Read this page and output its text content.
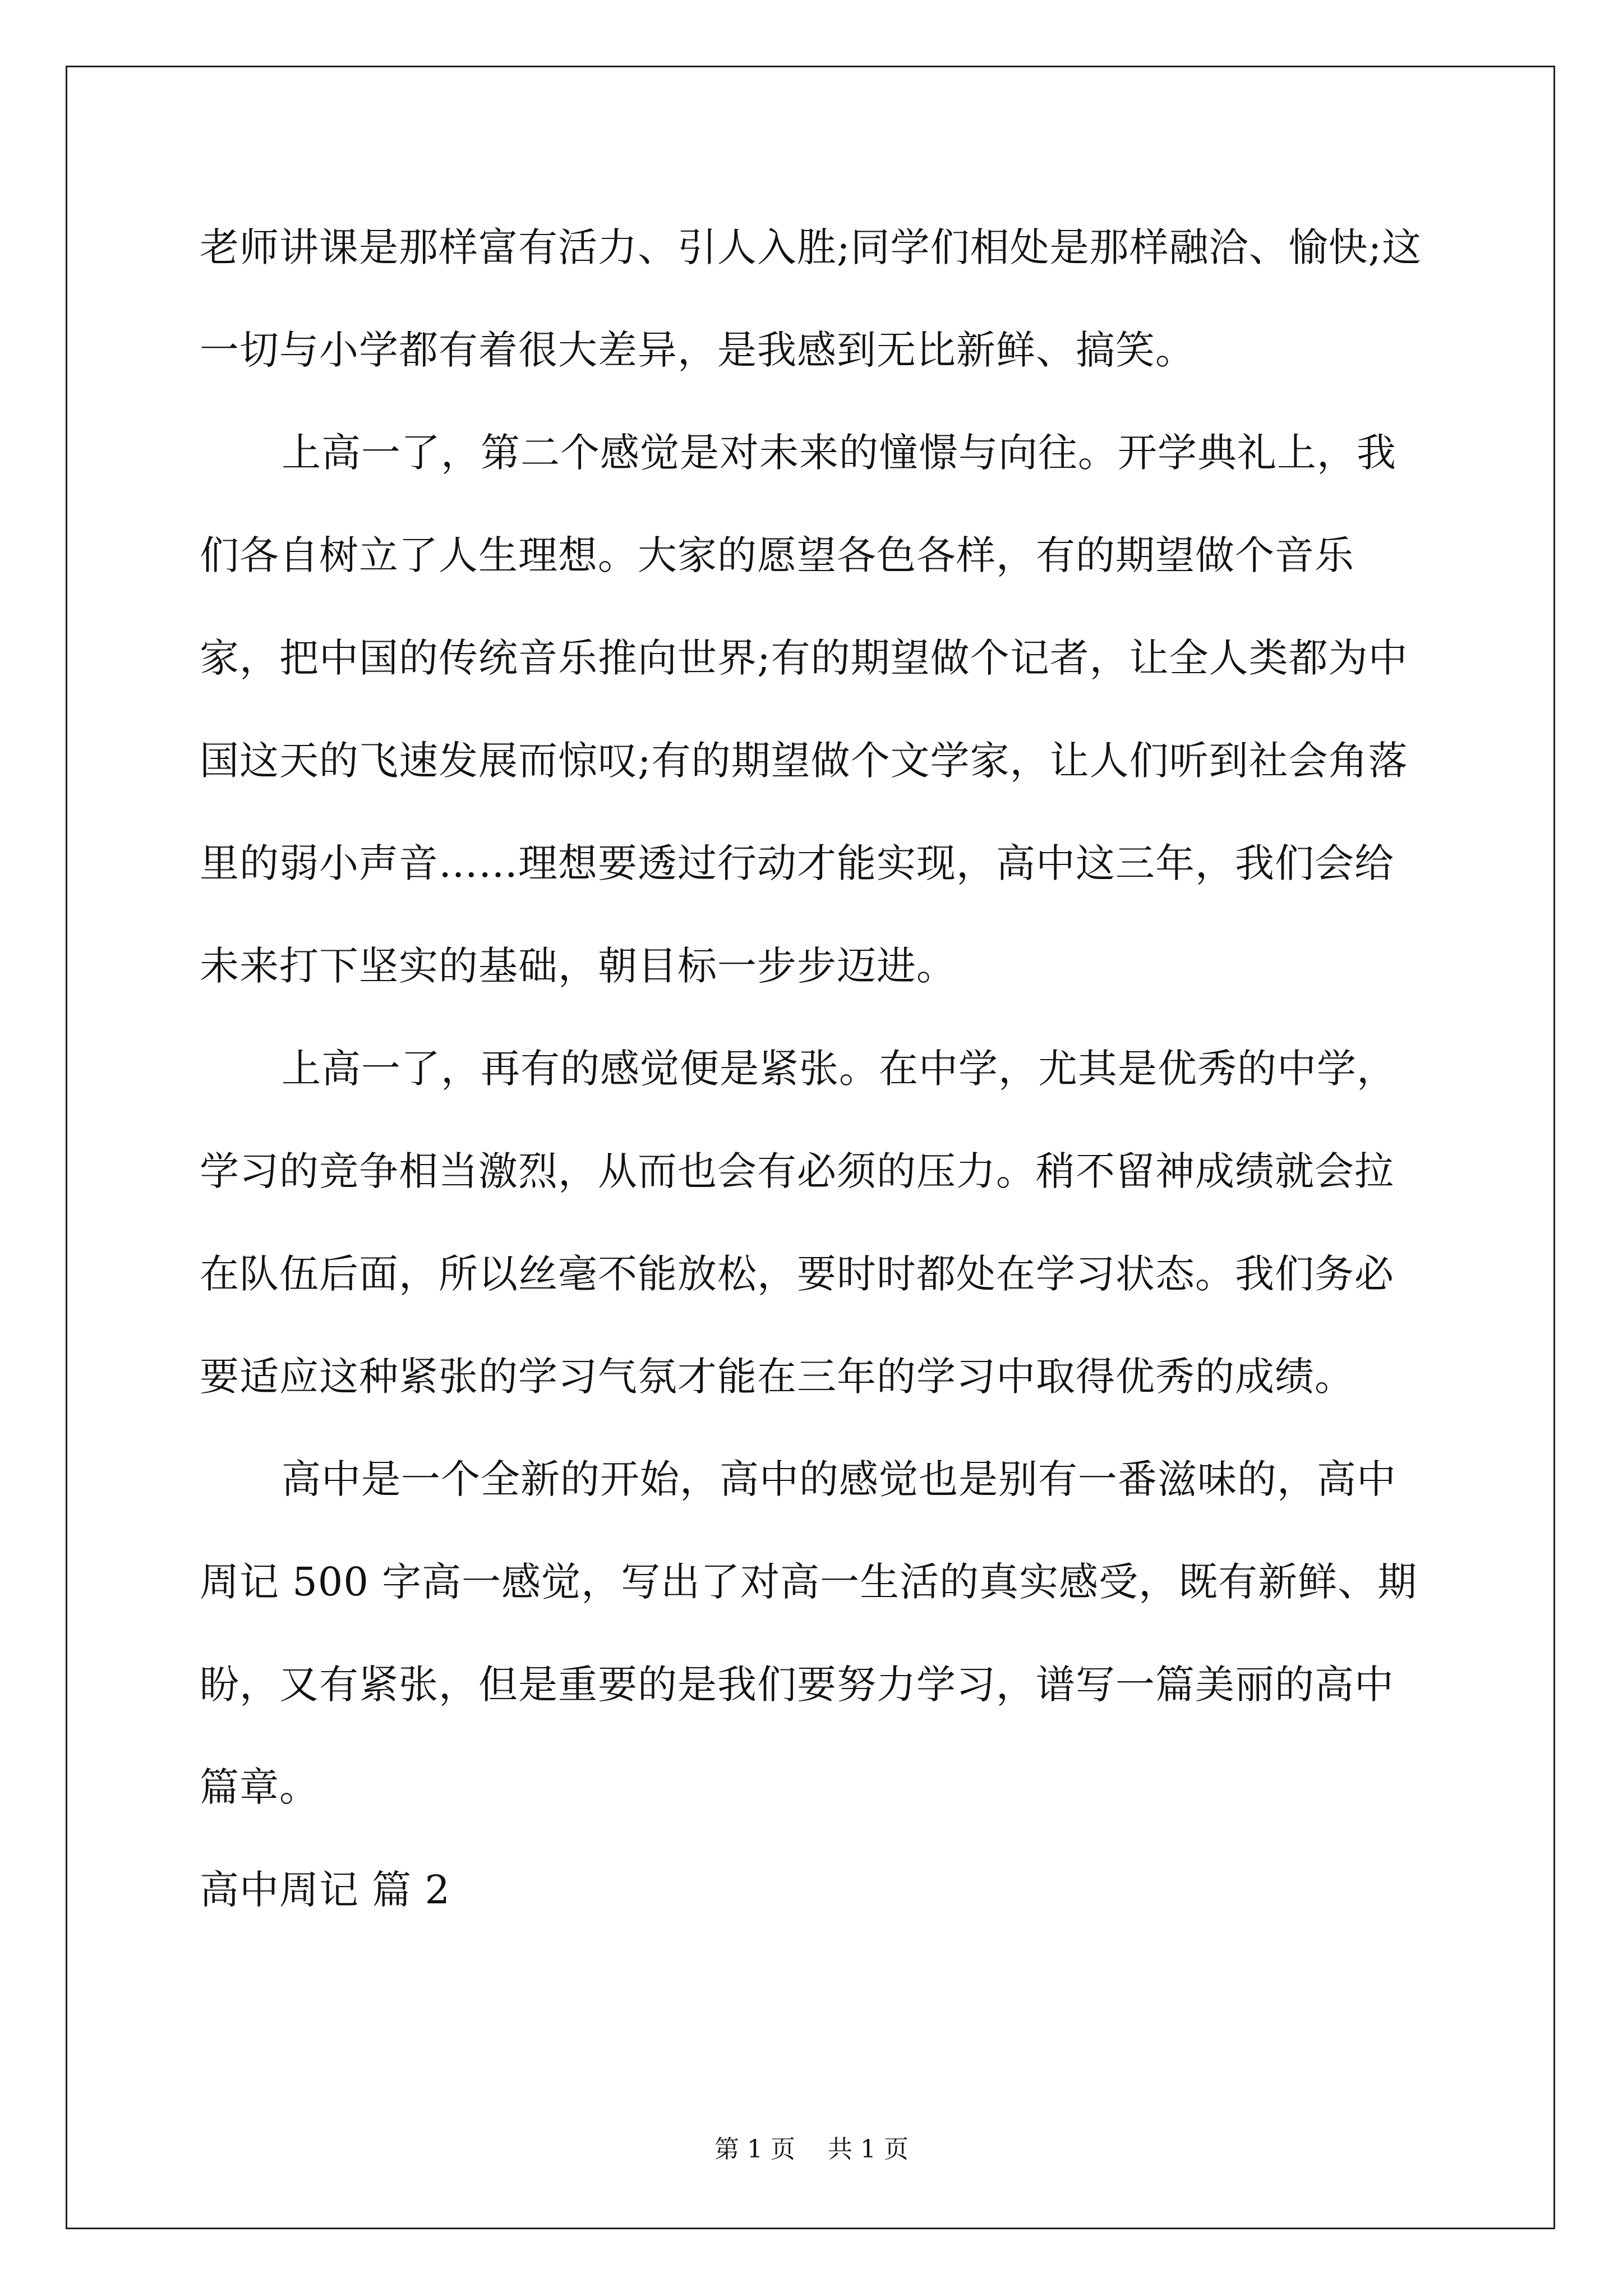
老师讲课是那样富有活力、引人入胜;同学们相处是那样融洽、愉快;这一切与小学都有着很大差异，是我感到无比新鲜、搞笑。

上高一了，第二个感觉是对未来的憧憬与向往。开学典礼上，我们各自树立了人生理想。大家的愿望各色各样，有的期望做个音乐家，把中国的传统音乐推向世界;有的期望做个记者，让全人类都为中国这天的飞速发展而惊叹;有的期望做个文学家，让人们听到社会角落里的弱小声音……理想要透过行动才能实现，高中这三年，我们会给未来打下坚实的基础，朝目标一步步迈进。

上高一了，再有的感觉便是紧张。在中学，尤其是优秀的中学，学习的竞争相当激烈，从而也会有必须的压力。稍不留神成绩就会拉在队伍后面，所以丝毫不能放松，要时时都处在学习状态。我们务必要适应这种紧张的学习气氛才能在三年的学习中取得优秀的成绩。

高中是一个全新的开始，高中的感觉也是别有一番滋味的，高中周记 500 字高一感觉，写出了对高一生活的真实感受，既有新鲜、期盼，又有紧张，但是重要的是我们要努力学习，谱写一篇美丽的高中篇章。

高中周记 篇 2

第 1 页 共 1 页
